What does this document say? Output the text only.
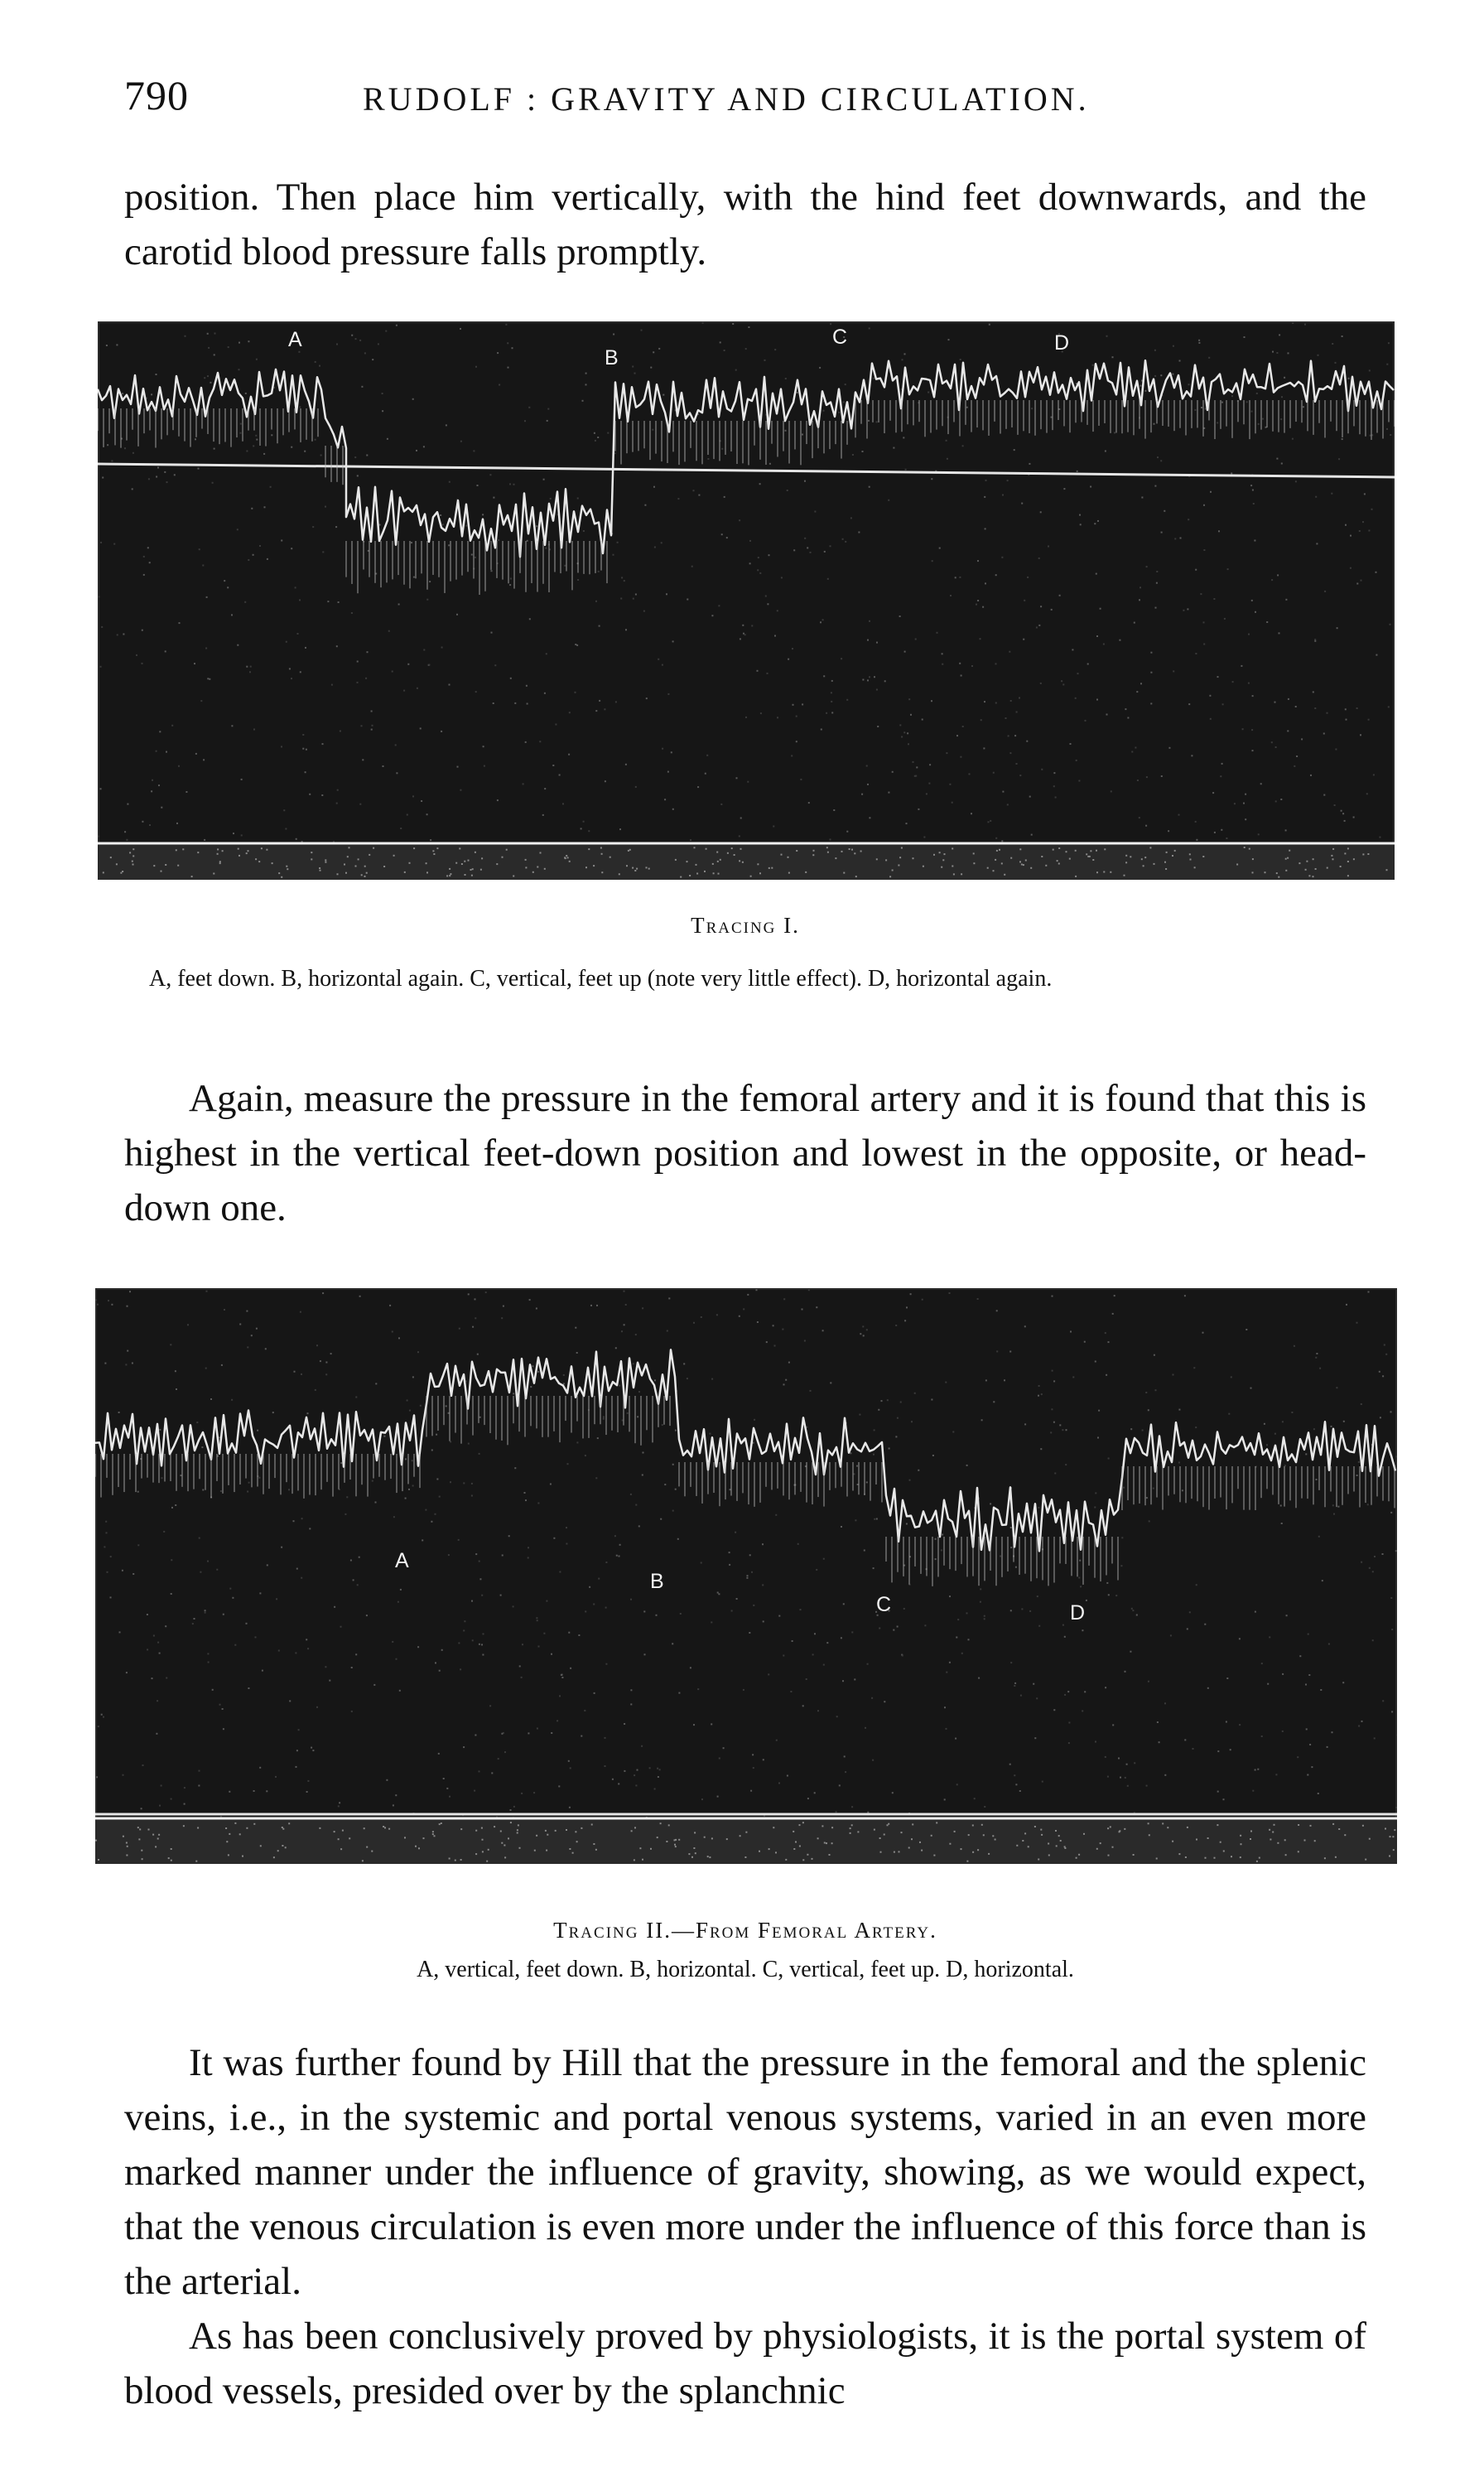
790	RUDOLF : GRAVITY AND CIRCULATION.

position. Then place him vertically, with the hind feet downwards, and the carotid blood pressure falls promptly.

A
B
C	D
Tracing I.

A, feet down. B, horizontal again. C, vertical, feet up (note very little effect). D, horizontal again.

Again, measure the pressure in the femoral artery and it is found that this is highest in the vertical feet-down position and lowest in the opposite, or head-down one.

A
B
C	D
Tracing II.—From Femoral Artery.

A, vertical, feet down. B, horizontal. C, vertical, feet up. D, horizontal.

It was further found by Hill that the pressure in the femoral and the splenic veins, i.e., in the systemic and portal venous systems, varied in an even more marked manner under the influence of gravity, showing, as we would expect, that the venous circulation is even more under the influence of this force than is the arterial.

As has been conclusively proved by physiologists, it is the portal system of blood vessels, presided over by the splanchnic
